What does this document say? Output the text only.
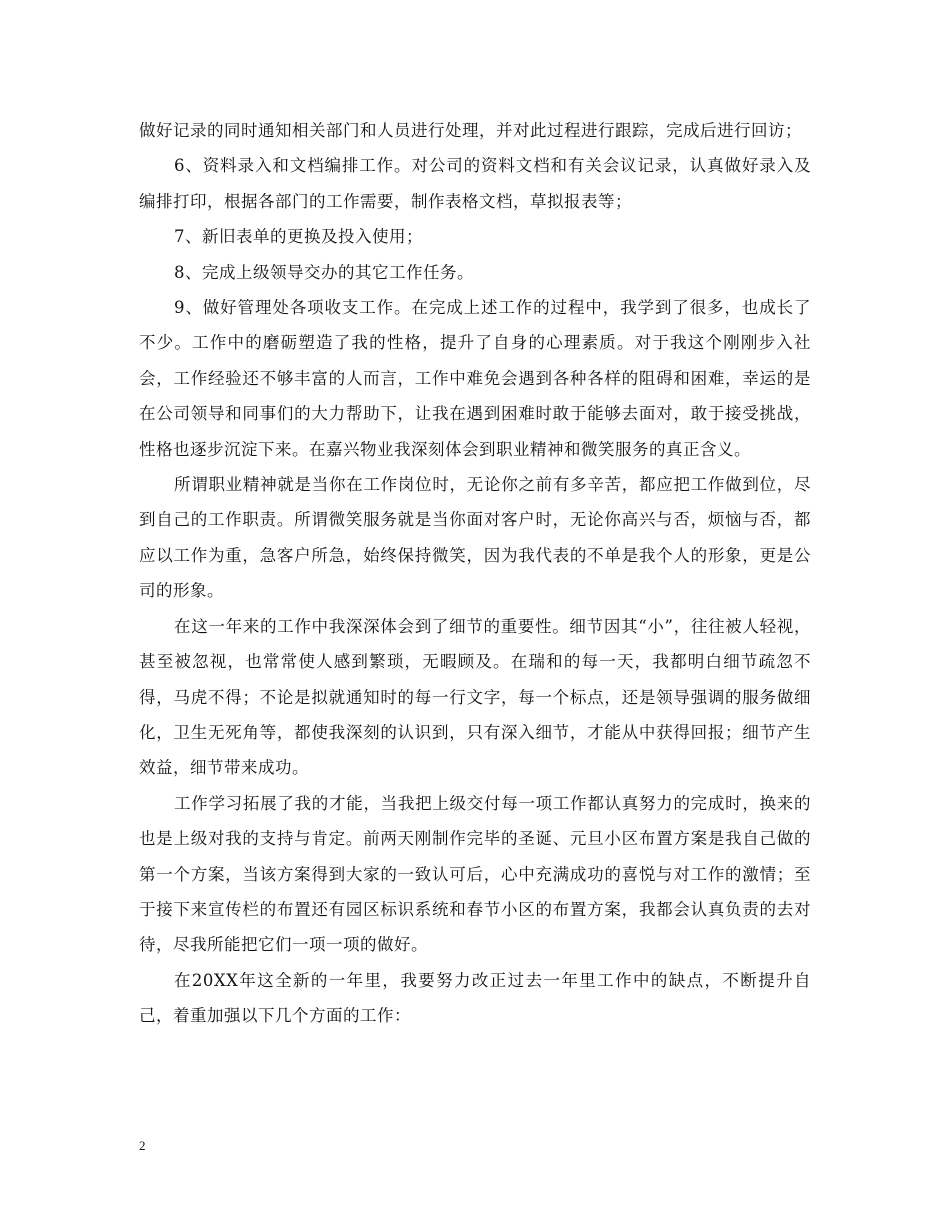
做好记录的同时通知相关部门和人员进行处理，并对此过程进行跟踪，完成后进行回访；

6、资料录入和文档编排工作。对公司的资料文档和有关会议记录，认真做好录入及编排打印，根据各部门的工作需要，制作表格文档，草拟报表等；

7、新旧表单的更换及投入使用；

8、完成上级领导交办的其它工作任务。

9、做好管理处各项收支工作。在完成上述工作的过程中，我学到了很多，也成长了不少。工作中的磨砺塑造了我的性格，提升了自身的心理素质。对于我这个刚刚步入社会，工作经验还不够丰富的人而言，工作中难免会遇到各种各样的阻碍和困难，幸运的是在公司领导和同事们的大力帮助下，让我在遇到困难时敢于能够去面对，敢于接受挑战，性格也逐步沉淀下来。在嘉兴物业我深刻体会到职业精神和微笑服务的真正含义。

所谓职业精神就是当你在工作岗位时，无论你之前有多辛苦，都应把工作做到位，尽到自己的工作职责。所谓微笑服务就是当你面对客户时，无论你高兴与否，烦恼与否，都应以工作为重，急客户所急，始终保持微笑，因为我代表的不单是我个人的形象，更是公司的形象。

在这一年来的工作中我深深体会到了细节的重要性。细节因其“小”，往往被人轻视，甚至被忽视，也常常使人感到繁琐，无暇顾及。在瑞和的每一天，我都明白细节疏忽不得，马虎不得；不论是拟就通知时的每一行文字，每一个标点，还是领导强调的服务做细化，卫生无死角等，都使我深刻的认识到，只有深入细节，才能从中获得回报；细节产生效益，细节带来成功。

工作学习拓展了我的才能，当我把上级交付每一项工作都认真努力的完成时，换来的也是上级对我的支持与肯定。前两天刚制作完毕的圣诞、元旦小区布置方案是我自己做的第一个方案，当该方案得到大家的一致认可后，心中充满成功的喜悦与对工作的激情；至于接下来宣传栏的布置还有园区标识系统和春节小区的布置方案，我都会认真负责的去对待，尽我所能把它们一项一项的做好。

在20XX年这全新的一年里，我要努力改正过去一年里工作中的缺点，不断提升自己，着重加强以下几个方面的工作：

2
